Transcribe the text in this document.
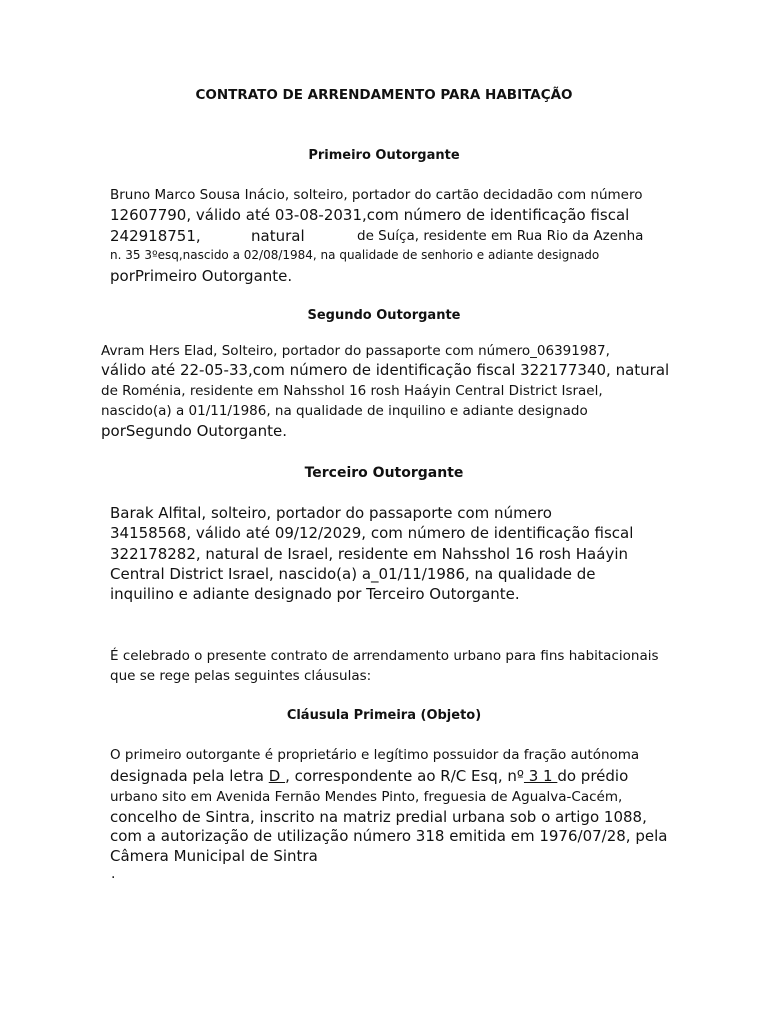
CONTRATO DE ARRENDAMENTO PARA HABITAÇÃO
Primeiro Outorgante

Bruno Marco Sousa Inácio, solteiro, portador do cartão decidadão com número

12607790, válido até 03-08-2031,com número de identificação fiscal

242918751,	natural	de Suíça, residente em Rua Rio da Azenha

n. 35 3ºesq,nascido a 02/08/1984, na qualidade de senhorio e adiante designado

porPrimeiro Outorgante.

Segundo Outorgante

Avram Hers Elad, Solteiro, portador do passaporte com número_06391987,

válido até 22-05-33,com número de identificação fiscal 322177340, natural

de Roménia, residente em Nahsshol 16 rosh Haáyin Central District Israel,

nascido(a) a 01/11/1986, na qualidade de inquilino e adiante designado

porSegundo Outorgante.

Terceiro Outorgante

Barak Alfital, solteiro, portador do passaporte com número

34158568, válido até 09/12/2029, com número de identificação fiscal

322178282, natural de Israel, residente em Nahsshol 16 rosh Haáyin

Central District Israel, nascido(a) a_01/11/1986, na qualidade de

inquilino e adiante designado por Terceiro Outorgante.

É celebrado o presente contrato de arrendamento urbano para fins habitacionais

que se rege pelas seguintes cláusulas:

Cláusula Primeira (Objeto)

O primeiro outorgante é proprietário e legítimo possuidor da fração autónoma

designada pela letra D , correspondente ao R/C Esq, nº 3 1 do prédio

urbano sito em Avenida Fernão Mendes Pinto, freguesia de Agualva-Cacém,

concelho de Sintra, inscrito na matriz predial urbana sob o artigo 1088,

com a autorização de utilização número 318 emitida em 1976/07/28, pela

Câmera Municipal de Sintra

.
